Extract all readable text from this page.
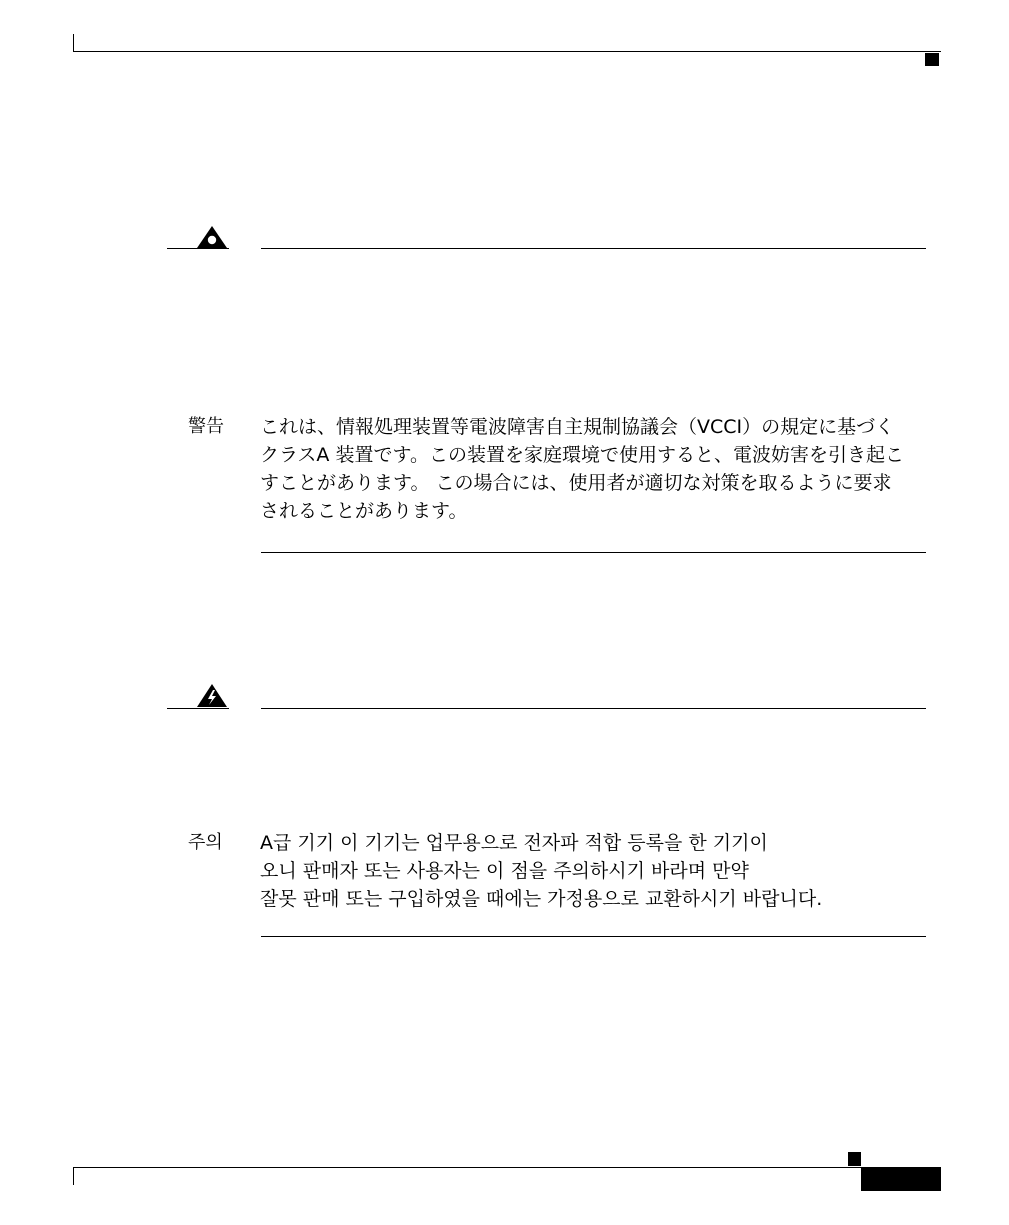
警告 これは、情報処理装置等電波障害自主規制協議会（VCCI）の規定に基づく
クラスA 装置です。この装置を家庭環境で使用すると、電波妨害を引き起こ
すことがあります。 この場合には、使用者が適切な対策を取るように要求
されることがあります。
주의 A급 기기 이 기기는 업무용으로 전자파 적합 등록을 한 기기이
오니 판매자 또는 사용자는 이 점을 주의하시기 바라며 만약
잘못 판매 또는 구입하였을 때에는 가정용으로 교환하시기 바랍니다.
